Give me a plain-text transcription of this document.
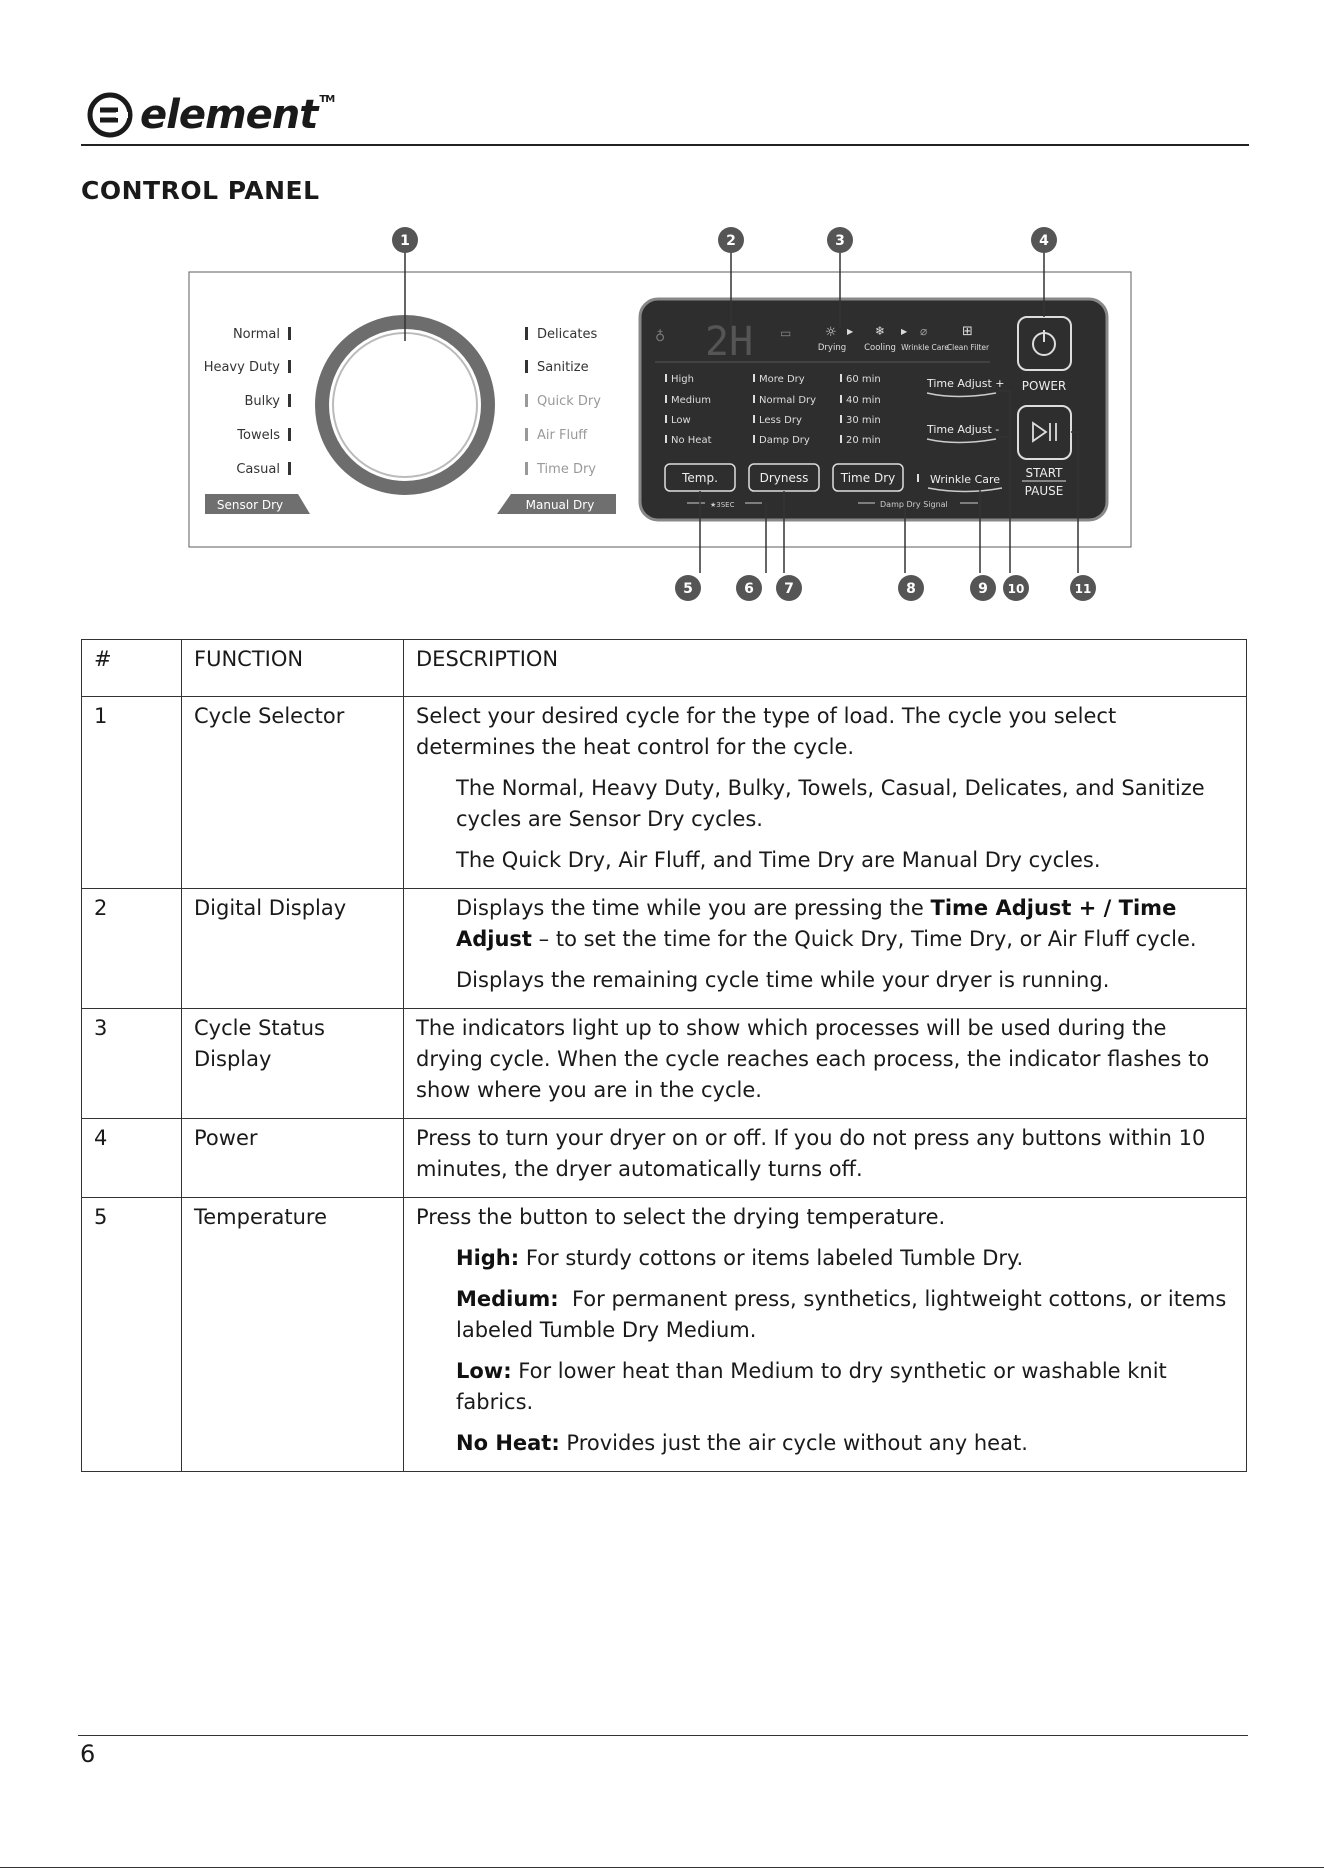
element ™
CONTROL PANEL
Normal
Heavy Duty
Bulky
Towels
Casual
Delicates
Sanitize
Quick Dry
Air Fluff
Time Dry
Sensor Dry	Manual Dry
♁ 2H ▭	☼ ▶ ❄ ▶ ⌀	⊞
Drying Cooling Wrinkle Care
Clean Filter
High
Medium
Low
No Heat
More Dry
Normal Dry
Less Dry
Damp Dry
60 min
40 min
30 min
20 min
Time Adjust +
Time Adjust -
POWER
START
PAUSE
Temp.	Dryness	Time Dry	Wrinkle Care
★3SEC	Damp Dry Signal
1	2	3	4
5	6 7	8	9 10	11
#	FUNCTION	DESCRIPTION
1	Cycle Selector	Select your desired cycle for the type of load. The cycle you select determines the heat control for the cycle.

The Normal, Heavy Duty, Bulky, Towels, Casual, Delicates, and Sanitize cycles are Sensor Dry cycles.

The Quick Dry, Air Fluff, and Time Dry are Manual Dry cycles.

2	Digital Display	Displays the time while you are pressing the Time Adjust + / Time Adjust – to set the time for the Quick Dry, Time Dry, or Air Fluff cycle.

Displays the remaining cycle time while your dryer is running.

3	Cycle Status Display	The indicators light up to show which processes will be used during the drying cycle. When the cycle reaches each process, the indicator flashes to show where you are in the cycle.

4	Power	Press to turn your dryer on or off. If you do not press any buttons within 10 minutes, the dryer automatically turns off.

5	Temperature	Press the button to select the drying temperature.

High: For sturdy cottons or items labeled Tumble Dry.

Medium:  For permanent press, synthetics, lightweight cottons, or items labeled Tumble Dry Medium.

Low: For lower heat than Medium to dry synthetic or washable knit fabrics.

No Heat: Provides just the air cycle without any heat.

6
